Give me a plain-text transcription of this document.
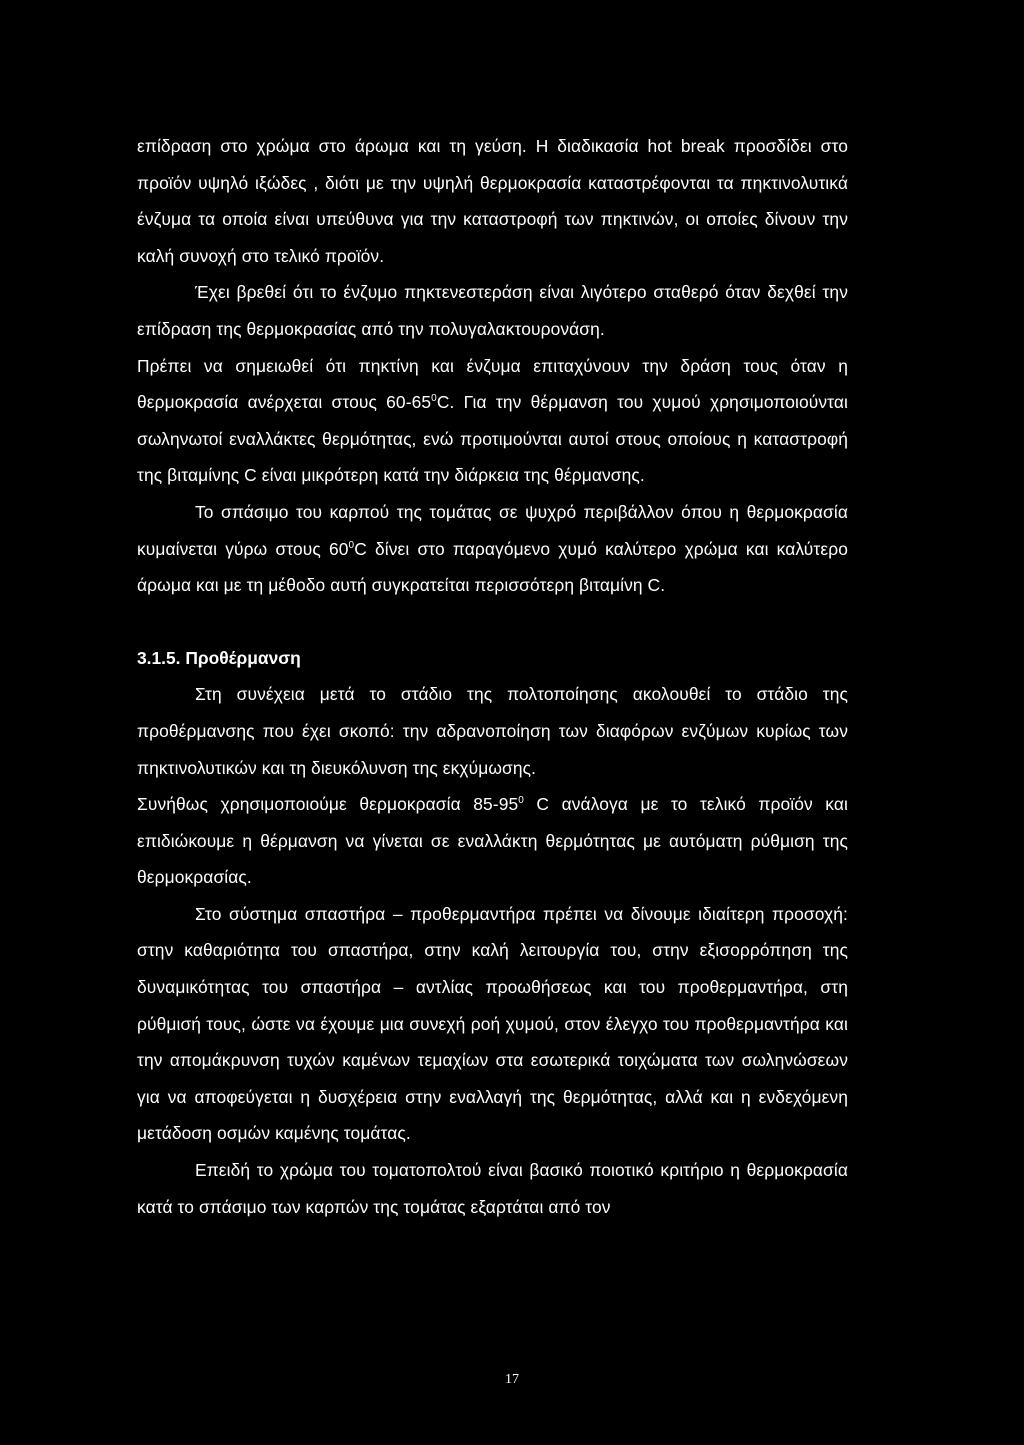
επίδραση στο χρώμα στο άρωμα και τη γεύση. Η διαδικασία hot break προσδίδει στο προϊόν υψηλό ιξώδες , διότι με την υψηλή θερμοκρασία καταστρέφονται τα πηκτινολυτικά ένζυμα τα οποία είναι υπεύθυνα για την καταστροφή των πηκτινών, οι οποίες δίνουν την καλή συνοχή στο τελικό προϊόν.

Έχει βρεθεί ότι το ένζυμο πηκτενεστεράση είναι λιγότερο σταθερό όταν δεχθεί την επίδραση της θερμοκρασίας από την πολυγαλακτουρονάση.

Πρέπει να σημειωθεί ότι πηκτίνη και ένζυμα επιταχύνουν την δράση τους όταν η θερμοκρασία ανέρχεται στους $60-65^0C$. Για την θέρμανση του χυμού χρησιμοποιούνται σωληνωτοί εναλλάκτες θερμότητας, ενώ προτιμούνται αυτοί στους οποίους η καταστροφή της βιταμίνης C είναι μικρότερη κατά την διάρκεια της θέρμανσης.

Το σπάσιμο του καρπού της τομάτας σε ψυχρό περιβάλλον όπου η θερμοκρασία κυμαίνεται γύρω στους $60^0C$ δίνει στο παραγόμενο χυμό καλύτερο χρώμα και καλύτερο άρωμα και με τη μέθοδο αυτή συγκρατείται περισσότερη βιταμίνη C.

3.1.5. Προθέρμανση

Στη συνέχεια μετά το στάδιο της πολτοποίησης ακολουθεί το στάδιο της προθέρμανσης που έχει σκοπό: την αδρανοποίηση των διαφόρων ενζύμων κυρίως των πηκτινολυτικών και τη διευκόλυνση της εκχύμωσης.

Συνήθως χρησιμοποιούμε θερμοκρασία $85-95^0$ C ανάλογα με το τελικό προϊόν και επιδιώκουμε η θέρμανση να γίνεται σε εναλλάκτη θερμότητας με αυτόματη ρύθμιση της θερμοκρασίας.

Στο σύστημα σπαστήρα – προθερμαντήρα πρέπει να δίνουμε ιδιαίτερη προσοχή: στην καθαριότητα του σπαστήρα, στην καλή λειτουργία του, στην εξισορρόπηση της δυναμικότητας του σπαστήρα – αντλίας προωθήσεως και του προθερμαντήρα, στη ρύθμισή τους, ώστε να έχουμε μια συνεχή ροή χυμού, στον έλεγχο του προθερμαντήρα και την απομάκρυνση τυχών καμένων τεμαχίων στα εσωτερικά τοιχώματα των σωληνώσεων για να αποφεύγεται η δυσχέρεια στην εναλλαγή της θερμότητας, αλλά και η ενδεχόμενη μετάδοση οσμών καμένης τομάτας.

Επειδή το χρώμα του τοματοπολτού είναι βασικό ποιοτικό κριτήριο η θερμοκρασία κατά το σπάσιμο των καρπών της τομάτας εξαρτάται από τον

17
